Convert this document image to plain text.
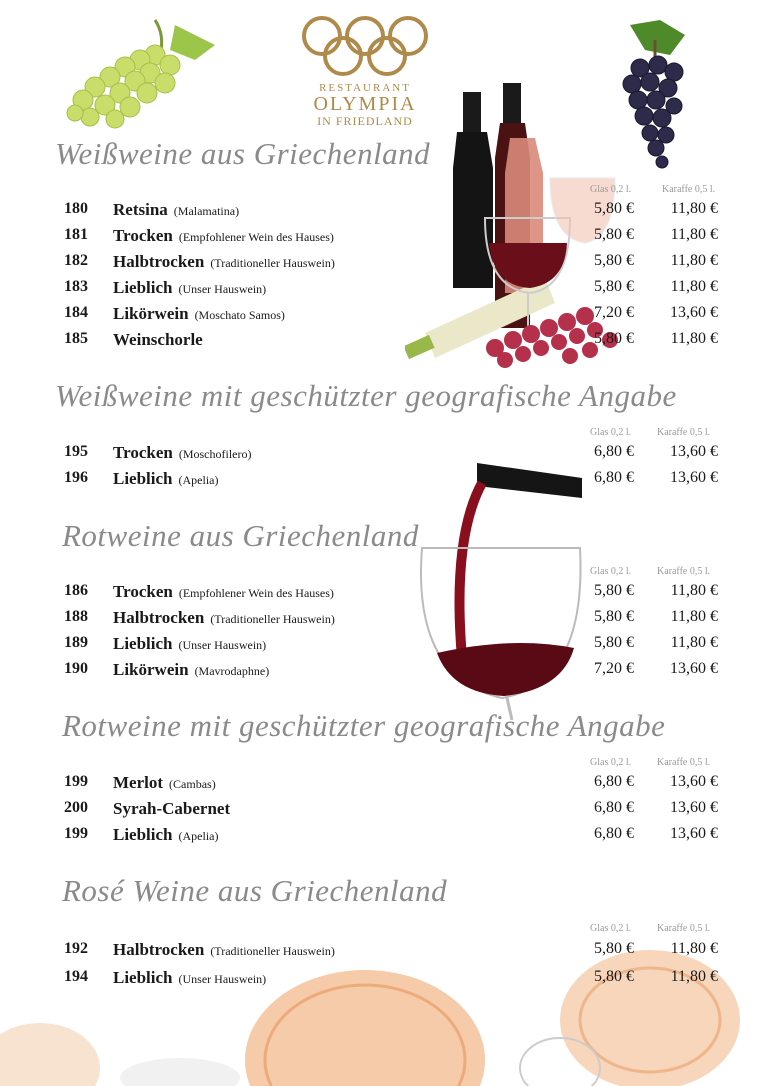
RESTAURANT
OLYMPIA
IN FRIEDLAND
Weißweine aus Griechenland
Glas 0,2 l.	Karaffe 0,5 l.
180 Retsina (Malamatina)	5,80 € 11,80 €
181 Trocken (Empfohlener Wein des Hauses)	5,80 € 11,80 €
182 Halbtrocken (Traditioneller Hauswein)	5,80 € 11,80 €
183 Lieblich (Unser Hauswein)	5,80 € 11,80 €
184 Likörwein (Moschato Samos)	7,20 € 13,60 €
185 Weinschorle	5,80 € 11,80 €
Weißweine mit geschützter geografische Angabe
Glas 0,2 l.	Karaffe 0,5 l.
195 Trocken (Moschofilero)	6,80 € 13,60 €
196 Lieblich (Apelia)	6,80 € 13,60 €
Rotweine aus Griechenland
Glas 0,2 l.	Karaffe 0,5 l.
186 Trocken (Empfohlener Wein des Hauses)	5,80 € 11,80 €
188 Halbtrocken (Traditioneller Hauswein)	5,80 € 11,80 €
189 Lieblich (Unser Hauswein)	5,80 € 11,80 €
190 Likörwein (Mavrodaphne)	7,20 € 13,60 €
Rotweine mit geschützter geografische Angabe
Glas 0,2 l.	Karaffe 0,5 l.
199 Merlot (Cambas)	6,80 € 13,60 €
200 Syrah-Cabernet	6,80 € 13,60 €
199 Lieblich (Apelia)	6,80 € 13,60 €
Rosé Weine aus Griechenland
Glas 0,2 l.	Karaffe 0,5 l.
192 Halbtrocken (Traditioneller Hauswein)	5,80 € 11,80 €
194 Lieblich (Unser Hauswein)	5,80 € 11,80 €
